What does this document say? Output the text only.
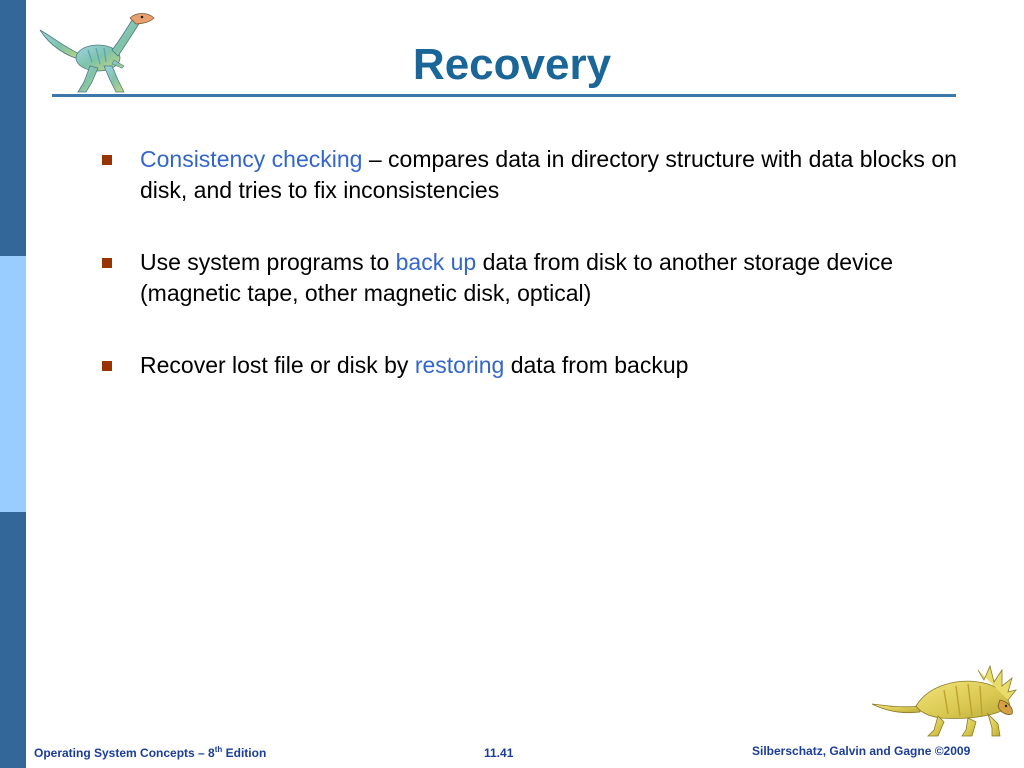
Recovery
Consistency checking – compares data in directory structure with data blocks on disk, and tries to fix inconsistencies
Use system programs to back up data from disk to another storage device (magnetic tape, other magnetic disk, optical)
Recover lost file or disk by restoring data from backup
Operating System Concepts – 8th Edition	11.41	Silberschatz, Galvin and Gagne ©2009
